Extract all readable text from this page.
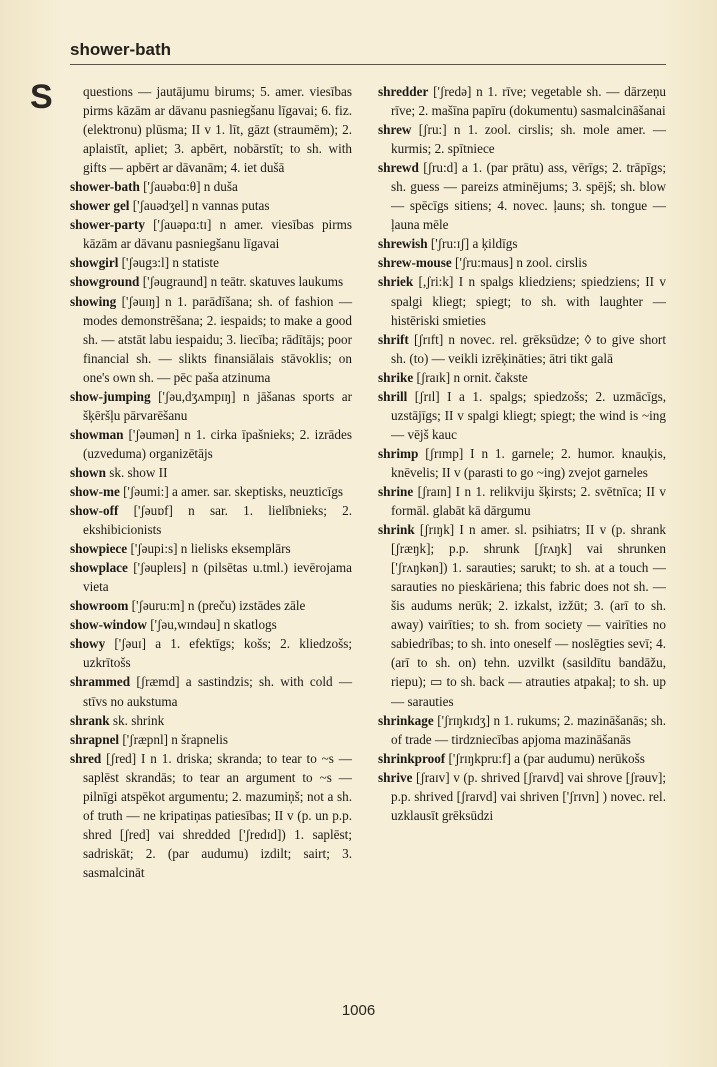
shower-bath
S	questions — jautājumu birums; 5. amer. viesības pirms kāzām ar dāvanu pasniegšanu līgavai; 6. fiz. (elektronu) plūsma; II v 1. līt, gāzt (straumēm); 2. aplaistīt, apliet; 3. apbērt, nobārstīt; to sh. with gifts — apbērt ar dāvanām; 4. iet dušā

shower-bath ['ʃauəbɑ:θ] n duša

shower gel ['ʃauədʒel] n vannas putas

shower-party ['ʃauəpɑ:tɪ] n amer. viesības pirms kāzām ar dāvanu pasniegšanu līgavai

showgirl ['ʃəugɜ:l] n statiste

showground ['ʃəugraund] n teātr. skatuves laukums

showing ['ʃəuɪŋ] n 1. parādīšana; sh. of fashion — modes demonstrēšana; 2. iespaids; to make a good sh. — atstāt labu iespaidu; 3. liecība; rādītājs; poor financial sh. — slikts finansiālais stāvoklis; on one's own sh. — pēc paša atzinuma

show-jumping ['ʃəu,dʒʌmpɪŋ] n jāšanas sports ar šķēršļu pārvarēšanu

showman ['ʃəumən] n 1. cirka īpašnieks; 2. izrādes (uzveduma) organizētājs

shown sk. show II

show-me ['ʃəumi:] a amer. sar. skeptisks, neuzticīgs

show-off ['ʃəuɒf] n sar. 1. lielībnieks; 2. ekshibicionists

showpiece ['ʃəupi:s] n lielisks eksemplārs

showplace ['ʃəupleɪs] n (pilsētas u.tml.) ievērojama vieta

showroom ['ʃəuru:m] n (preču) izstādes zāle

show-window ['ʃəu,wɪndəu] n skatlogs

showy ['ʃəuɪ] a 1. efektīgs; košs; 2. kliedzošs; uzkrītošs

shrammed [ʃræmd] a sastindzis; sh. with cold — stīvs no aukstuma

shrank sk. shrink

shrapnel ['ʃræpnl] n šrapnelis

shred [ʃred] I n 1. driska; skranda; to tear to ~s — saplēst skrandās; to tear an argument to ~s — pilnīgi atspēkot argumentu; 2. mazumiņš; not a sh. of truth — ne kripatiņas patiesības; II v (p. un p.p. shred [ʃred] vai shredded ['ʃredɪd]) 1. saplēst; sadriskāt; 2. (par audumu) izdilt; sairt; 3. sasmalcināt

shredder ['ʃredə] n 1. rīve; vegetable sh. — dārzeņu rīve; 2. mašīna papīru (dokumentu) sasmalcināšanai

shrew [ʃru:] n 1. zool. cirslis; sh. mole amer. — kurmis; 2. spītniece

shrewd [ʃru:d] a 1. (par prātu) ass, vērīgs; 2. trāpīgs; sh. guess — pareizs atminējums; 3. spējš; sh. blow — spēcīgs sitiens; 4. novec. ļauns; sh. tongue — ļauna mēle

shrewish ['ʃru:ɪʃ] a ķildīgs

shrew-mouse ['ʃru:maus] n zool. cirslis

shriek [,ʃri:k] I n spalgs kliedziens; spiedziens; II v spalgi kliegt; spiegt; to sh. with laughter — histēriski smieties

shrift [ʃrɪft] n novec. rel. grēksūdze; ◊ to give short sh. (to) — veikli izrēķināties; ātri tikt galā

shrike [ʃraɪk] n ornit. čakste

shrill [ʃrɪl] I a 1. spalgs; spiedzošs; 2. uzmācīgs, uzstājīgs; II v spalgi kliegt; spiegt; the wind is ~ing — vējš kauc

shrimp [ʃrɪmp] I n 1. garnele; 2. humor. knauķis, knēvelis; II v (parasti to go ~ing) zvejot garneles

shrine [ʃraɪn] I n 1. relikviju šķirsts; 2. svētnīca; II v formāl. glabāt kā dārgumu

shrink [ʃrɪŋk] I n amer. sl. psihiatrs; II v (p. shrank [ʃræŋk]; p.p. shrunk [ʃrʌŋk] vai shrunken ['ʃrʌŋkən]) 1. sarauties; sarukt; to sh. at a touch — sarauties no pieskāriena; this fabric does not sh. — šis audums nerūk; 2. izkalst, izžūt; 3. (arī to sh. away) vairīties; to sh. from society — vairīties no sabiedrības; to sh. into oneself — noslēgties sevī; 4. (arī to sh. on) tehn. uzvilkt (sasildītu bandāžu, riepu); ▭ to sh. back — atrauties atpakaļ; to sh. up — sarauties

shrinkage ['ʃrɪŋkɪdʒ] n 1. rukums; 2. mazināšanās; sh. of trade — tirdzniecības apjoma mazināšanās

shrinkproof ['ʃrɪŋkpru:f] a (par audumu) nerūkošs

shrive [ʃraɪv] v (p. shrived [ʃraɪvd] vai shrove [ʃrəuv]; p.p. shrived [ʃraɪvd] vai shriven ['ʃrɪvn] ) novec. rel. uzklausīt grēksūdzi

1006
